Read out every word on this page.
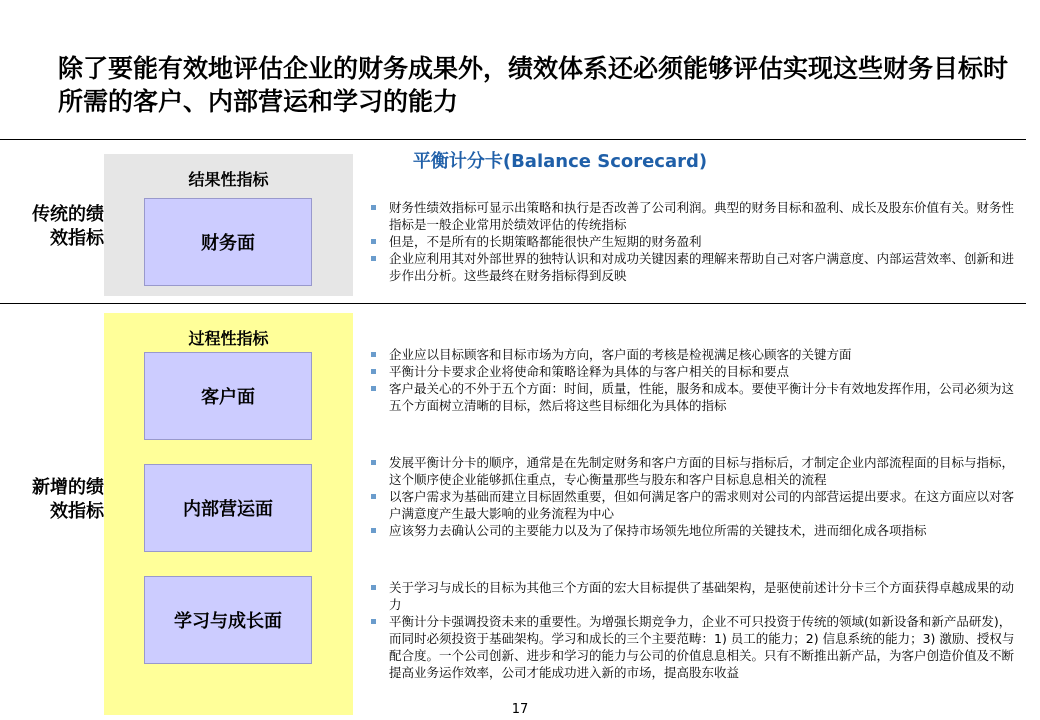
除了要能有效地评估企业的财务成果外，绩效体系还必须能够评估实现这些财务目标时所需的客户、内部营运和学习的能力
平衡计分卡(Balance Scorecard)
传统的绩
效指标
新增的绩
效指标
结果性指标
财务面
过程性指标
客户面
内部营运面
学习与成长面
财务性绩效指标可显示出策略和执行是否改善了公司利润。典型的财务目标和盈利、成长及股东价值有关。财务性指标是一般企业常用於绩效评估的传统指标
但是，不是所有的长期策略都能很快产生短期的财务盈利
企业应利用其对外部世界的独特认识和对成功关键因素的理解来帮助自己对客户满意度、内部运营效率、创新和进步作出分析。这些最终在财务指标得到反映
企业应以目标顾客和目标市场为方向，客户面的考核是检视满足核心顾客的关键方面
平衡计分卡要求企业将使命和策略诠释为具体的与客户相关的目标和要点
客户最关心的不外于五个方面：时间，质量，性能，服务和成本。要使平衡计分卡有效地发挥作用，公司必须为这五个方面树立清晰的目标，然后将这些目标细化为具体的指标
发展平衡计分卡的顺序，通常是在先制定财务和客户方面的目标与指标后，才制定企业内部流程面的目标与指标，这个顺序使企业能够抓住重点，专心衡量那些与股东和客户目标息息相关的流程
以客户需求为基础而建立目标固然重要，但如何满足客户的需求则对公司的内部营运提出要求。在这方面应以对客户满意度产生最大影响的业务流程为中心
应该努力去确认公司的主要能力以及为了保持市场领先地位所需的关键技术，进而细化成各项指标
关于学习与成长的目标为其他三个方面的宏大目标提供了基础架构，是驱使前述计分卡三个方面获得卓越成果的动力
平衡计分卡强调投资未来的重要性。为增强长期竞争力，企业不可只投资于传统的领域(如新设备和新产品研发)，而同时必须投资于基础架构。学习和成长的三个主要范畴：1) 员工的能力；2) 信息系统的能力；3) 激励、授权与配合度。一个公司创新、进步和学习的能力与公司的价值息息相关。只有不断推出新产品，为客户创造价值及不断提高业务运作效率，公司才能成功进入新的市场，提高股东收益
17
